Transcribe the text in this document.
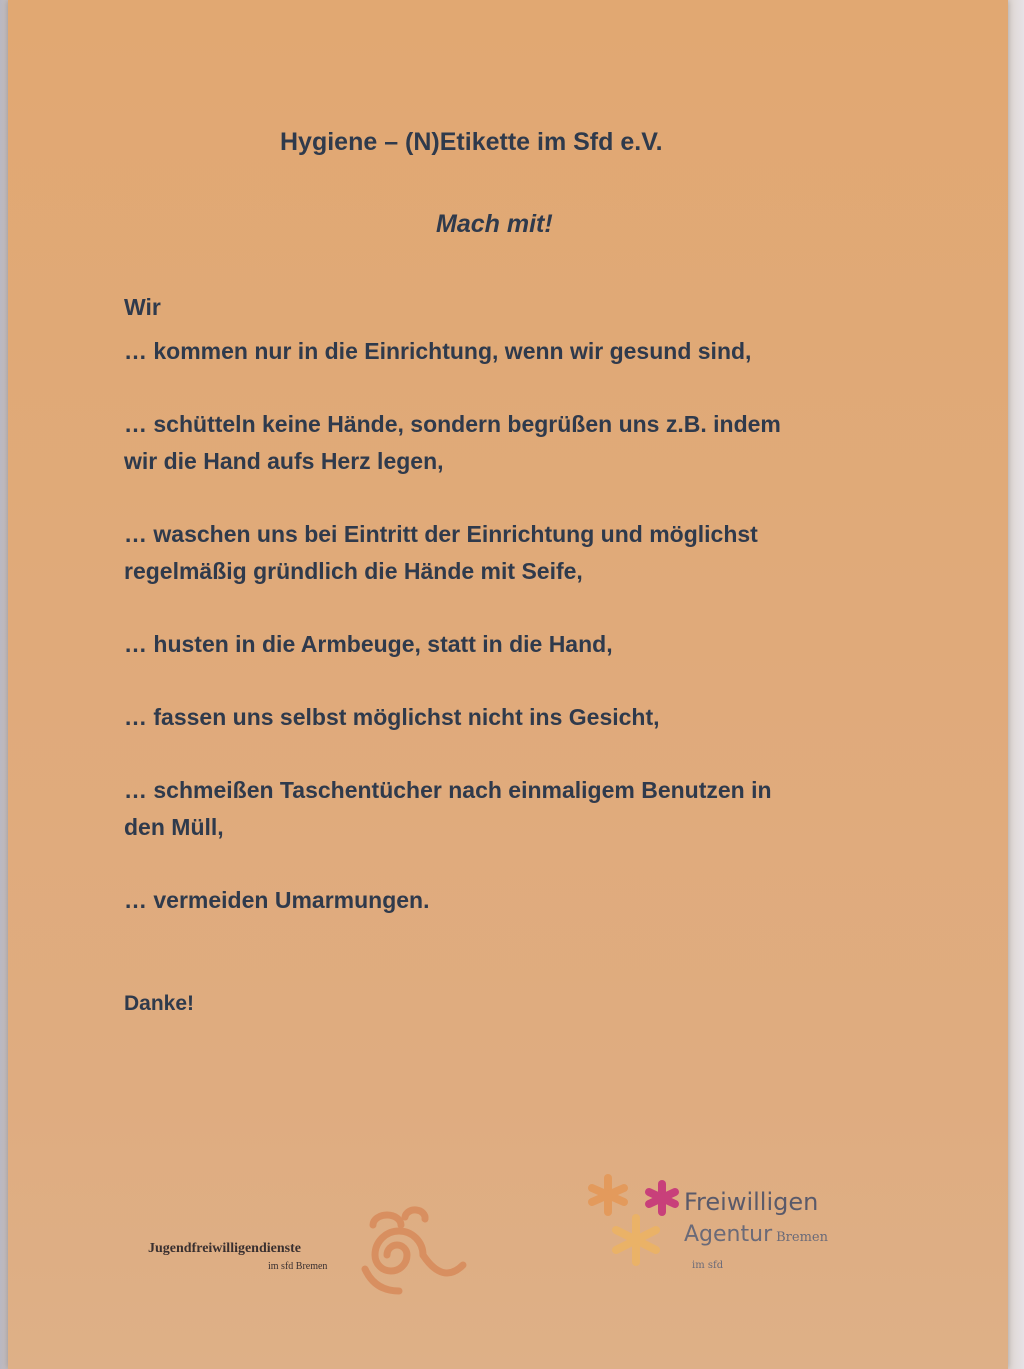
Hygiene – (N)Etikette im Sfd e.V.
Mach mit!
Wir
… kommen nur in die Einrichtung, wenn wir gesund sind,
… schütteln keine Hände, sondern begrüßen uns z.B. indem
wir die Hand aufs Herz legen,
… waschen uns bei Eintritt der Einrichtung und möglichst
regelmäßig gründlich die Hände mit Seife,
… husten in die Armbeuge, statt in die Hand,
… fassen uns selbst möglichst nicht ins Gesicht,
… schmeißen Taschentücher nach einmaligem Benutzen in
den Müll,
… vermeiden Umarmungen.
Danke!
Jugendfreiwilligendienste
im sfd Bremen
Freiwilligen
Agentur Bremen
im sfd
